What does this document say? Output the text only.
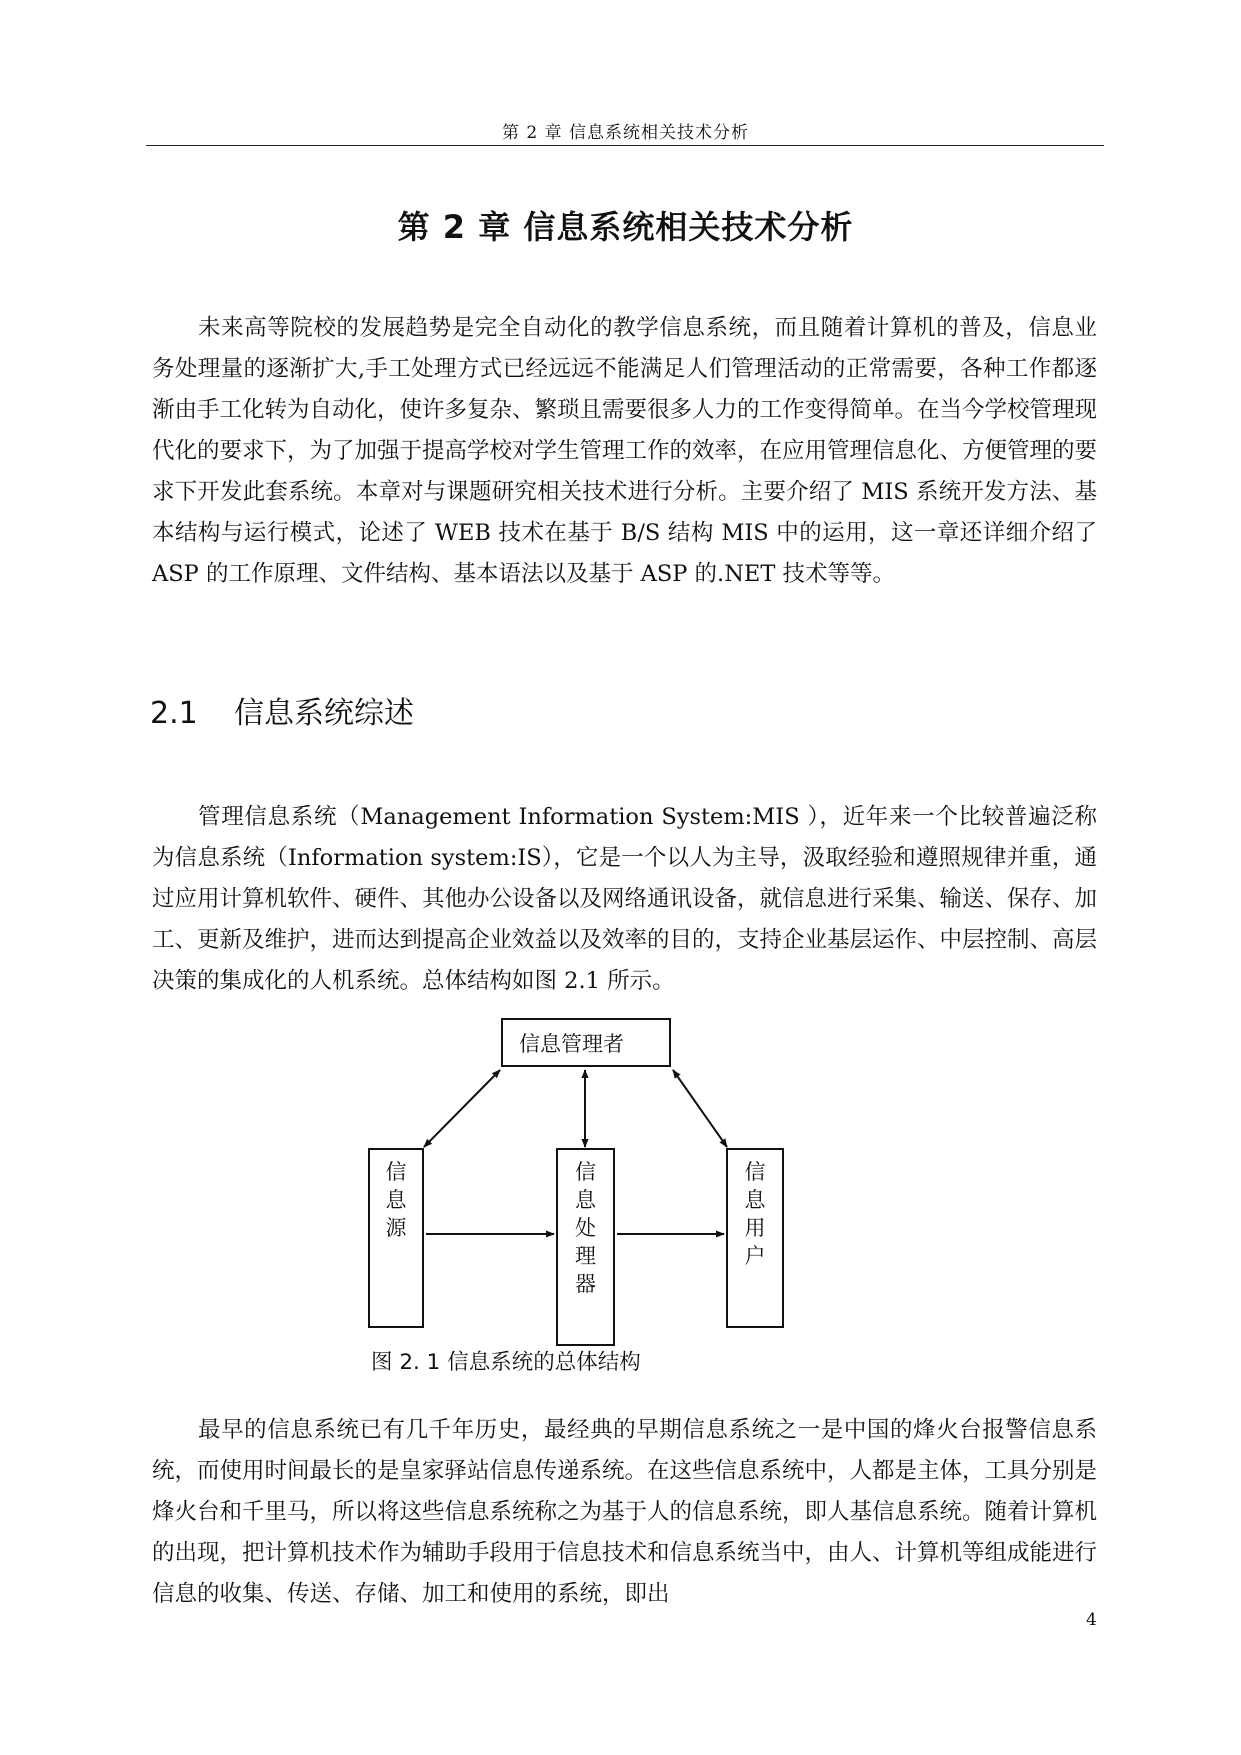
第 2 章 信息系统相关技术分析
第 2 章 信息系统相关技术分析

未来高等院校的发展趋势是完全自动化的教学信息系统，而且随着计算机的普及，信息业务处理量的逐渐扩大,手工处理方式已经远远不能满足人们管理活动的正常需要，各种工作都逐渐由手工化转为自动化，使许多复杂、繁琐且需要很多人力的工作变得简单。在当今学校管理现代化的要求下，为了加强于提高学校对学生管理工作的效率，在应用管理信息化、方便管理的要求下开发此套系统。本章对与课题研究相关技术进行分析。主要介绍了 MIS 系统开发方法、基本结构与运行模式，论述了 WEB 技术在基于 B/S 结构 MIS 中的运用，这一章还详细介绍了 ASP 的工作原理、文件结构、基本语法以及基于 ASP 的.NET 技术等等。

2.1 信息系统综述

管理信息系统（Management Information System:MIS ），近年来一个比较普遍泛称为信息系统（Information system:IS），它是一个以人为主导，汲取经验和遵照规律并重，通过应用计算机软件、硬件、其他办公设备以及网络通讯设备，就信息进行采集、输送、保存、加工、更新及维护，进而达到提高企业效益以及效率的目的，支持企业基层运作、中层控制、高层决策的集成化的人机系统。总体结构如图 2.1 所示。

信息管理者
信息源
信息处理器
信息用户
图 2. 1 信息系统的总体结构

最早的信息系统已有几千年历史，最经典的早期信息系统之一是中国的烽火台报警信息系统，而使用时间最长的是皇家驿站信息传递系统。在这些信息系统中，人都是主体，工具分别是烽火台和千里马，所以将这些信息系统称之为基于人的信息系统，即人基信息系统。随着计算机的出现，把计算机技术作为辅助手段用于信息技术和信息系统当中，由人、计算机等组成能进行信息的收集、传送、存储、加工和使用的系统，即出

4
